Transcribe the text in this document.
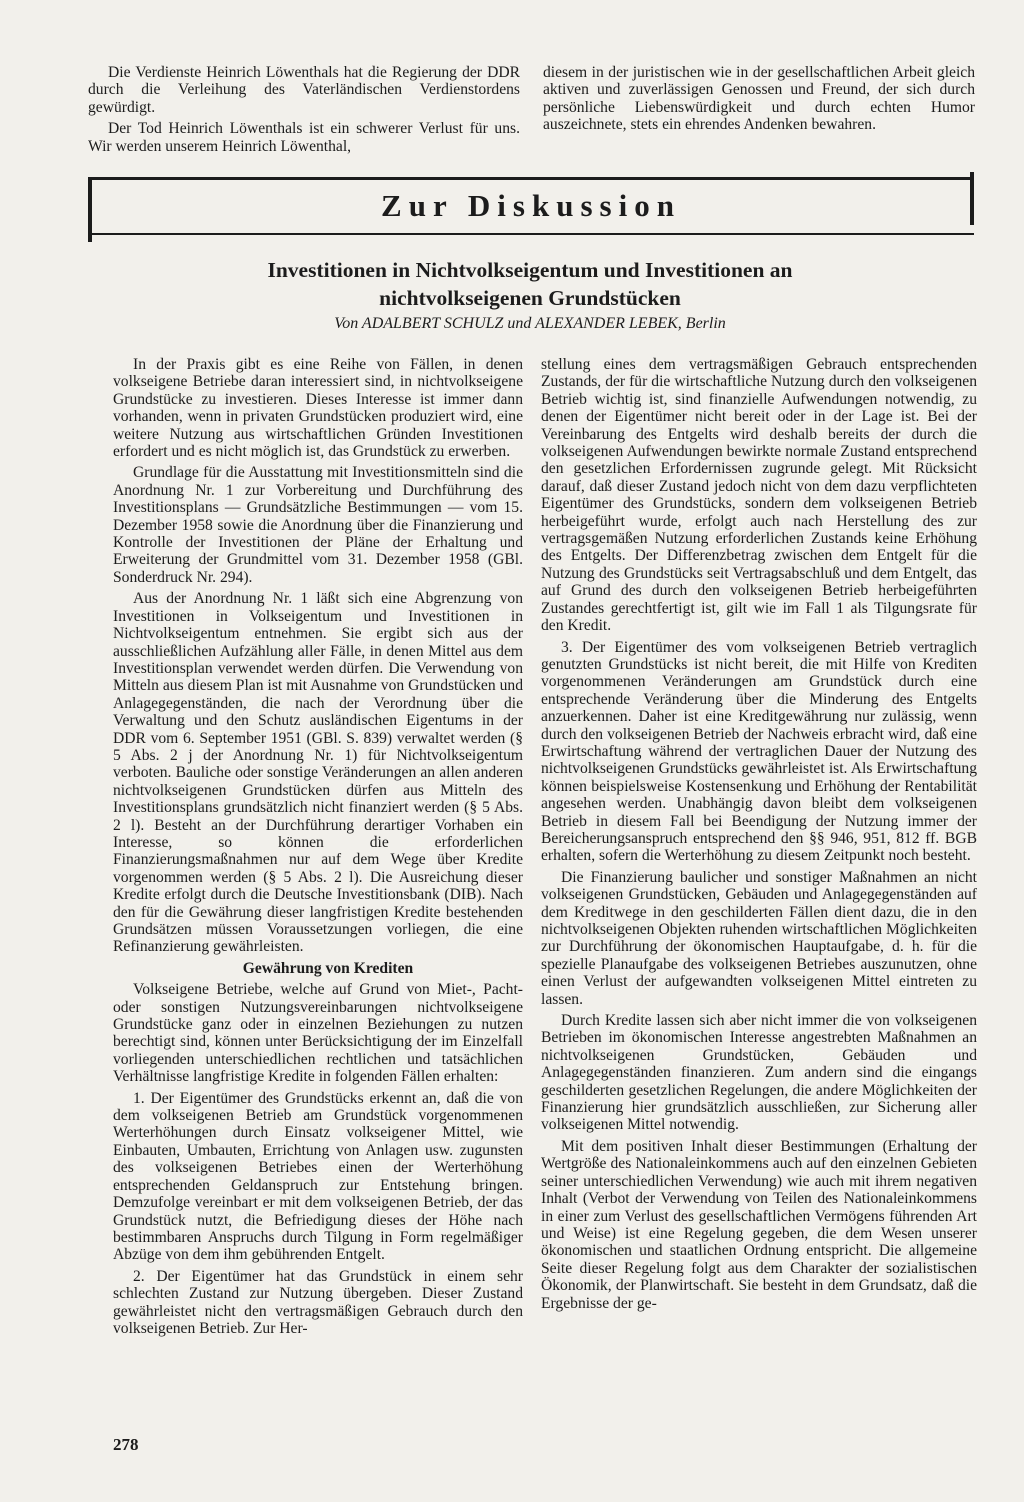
Die Verdienste Heinrich Löwenthals hat die Regierung der DDR durch die Verleihung des Vaterländischen Verdienstordens gewürdigt.

Der Tod Heinrich Löwenthals ist ein schwerer Verlust für uns. Wir werden unserem Heinrich Löwenthal,

diesem in der juristischen wie in der gesellschaftlichen Arbeit gleich aktiven und zuverlässigen Genossen und Freund, der sich durch persönliche Liebenswürdigkeit und durch echten Humor auszeichnete, stets ein ehrendes Andenken bewahren.

Zur Diskussion
Investitionen in Nichtvolkseigentum und Investitionen an
nichtvolkseigenen Grundstücken
Von ADALBERT SCHULZ und ALEXANDER LEBEK, Berlin

In der Praxis gibt es eine Reihe von Fällen, in denen volkseigene Betriebe daran interessiert sind, in nichtvolkseigene Grundstücke zu investieren. Dieses Interesse ist immer dann vorhanden, wenn in privaten Grundstücken produziert wird, eine weitere Nutzung aus wirtschaftlichen Gründen Investitionen erfordert und es nicht möglich ist, das Grundstück zu erwerben.

Grundlage für die Ausstattung mit Investitionsmitteln sind die Anordnung Nr. 1 zur Vorbereitung und Durchführung des Investitionsplans — Grundsätzliche Bestimmungen — vom 15. Dezember 1958 sowie die Anordnung über die Finanzierung und Kontrolle der Investitionen der Pläne der Erhaltung und Erweiterung der Grundmittel vom 31. Dezember 1958 (GBl. Sonderdruck Nr. 294).

Aus der Anordnung Nr. 1 läßt sich eine Abgrenzung von Investitionen in Volkseigentum und Investitionen in Nichtvolkseigentum entnehmen. Sie ergibt sich aus der ausschließlichen Aufzählung aller Fälle, in denen Mittel aus dem Investitionsplan verwendet werden dürfen. Die Verwendung von Mitteln aus diesem Plan ist mit Ausnahme von Grundstücken und Anlagegegenständen, die nach der Verordnung über die Verwaltung und den Schutz ausländischen Eigentums in der DDR vom 6. September 1951 (GBl. S. 839) verwaltet werden (§ 5 Abs. 2 j der Anordnung Nr. 1) für Nichtvolkseigentum verboten. Bauliche oder sonstige Veränderungen an allen anderen nichtvolkseigenen Grundstücken dürfen aus Mitteln des Investitionsplans grundsätzlich nicht finanziert werden (§ 5 Abs. 2 l). Besteht an der Durchführung derartiger Vorhaben ein Interesse, so können die erforderlichen Finanzierungsmaßnahmen nur auf dem Wege über Kredite vorgenommen werden (§ 5 Abs. 2 l). Die Ausreichung dieser Kredite erfolgt durch die Deutsche Investitionsbank (DIB). Nach den für die Gewährung dieser langfristigen Kredite bestehenden Grundsätzen müssen Voraussetzungen vorliegen, die eine Refinanzierung gewährleisten.

Gewährung von Krediten

Volkseigene Betriebe, welche auf Grund von Miet-, Pacht- oder sonstigen Nutzungsvereinbarungen nichtvolkseigene Grundstücke ganz oder in einzelnen Beziehungen zu nutzen berechtigt sind, können unter Berücksichtigung der im Einzelfall vorliegenden unterschiedlichen rechtlichen und tatsächlichen Verhältnisse langfristige Kredite in folgenden Fällen erhalten:

1. Der Eigentümer des Grundstücks erkennt an, daß die von dem volkseigenen Betrieb am Grundstück vorgenommenen Werterhöhungen durch Einsatz volkseigener Mittel, wie Einbauten, Umbauten, Errichtung von Anlagen usw. zugunsten des volkseigenen Betriebes einen der Werterhöhung entsprechenden Geldanspruch zur Entstehung bringen. Demzufolge vereinbart er mit dem volkseigenen Betrieb, der das Grundstück nutzt, die Befriedigung dieses der Höhe nach bestimmbaren Anspruchs durch Tilgung in Form regelmäßiger Abzüge von dem ihm gebührenden Entgelt.

2. Der Eigentümer hat das Grundstück in einem sehr schlechten Zustand zur Nutzung übergeben. Dieser Zustand gewährleistet nicht den vertragsmäßigen Gebrauch durch den volkseigenen Betrieb. Zur Her-

stellung eines dem vertragsmäßigen Gebrauch entsprechenden Zustands, der für die wirtschaftliche Nutzung durch den volkseigenen Betrieb wichtig ist, sind finanzielle Aufwendungen notwendig, zu denen der Eigentümer nicht bereit oder in der Lage ist. Bei der Vereinbarung des Entgelts wird deshalb bereits der durch die volkseigenen Aufwendungen bewirkte normale Zustand entsprechend den gesetzlichen Erfordernissen zugrunde gelegt. Mit Rücksicht darauf, daß dieser Zustand jedoch nicht von dem dazu verpflichteten Eigentümer des Grundstücks, sondern dem volkseigenen Betrieb herbeigeführt wurde, erfolgt auch nach Herstellung des zur vertragsgemäßen Nutzung erforderlichen Zustands keine Erhöhung des Entgelts. Der Differenzbetrag zwischen dem Entgelt für die Nutzung des Grundstücks seit Vertragsabschluß und dem Entgelt, das auf Grund des durch den volkseigenen Betrieb herbeigeführten Zustandes gerechtfertigt ist, gilt wie im Fall 1 als Tilgungsrate für den Kredit.

3. Der Eigentümer des vom volkseigenen Betrieb vertraglich genutzten Grundstücks ist nicht bereit, die mit Hilfe von Krediten vorgenommenen Veränderungen am Grundstück durch eine entsprechende Veränderung über die Minderung des Entgelts anzuerkennen. Daher ist eine Kreditgewährung nur zulässig, wenn durch den volkseigenen Betrieb der Nachweis erbracht wird, daß eine Erwirtschaftung während der vertraglichen Dauer der Nutzung des nichtvolkseigenen Grundstücks gewährleistet ist. Als Erwirtschaftung können beispielsweise Kostensenkung und Erhöhung der Rentabilität angesehen werden. Unabhängig davon bleibt dem volkseigenen Betrieb in diesem Fall bei Beendigung der Nutzung immer der Bereicherungsanspruch entsprechend den §§ 946, 951, 812 ff. BGB erhalten, sofern die Werterhöhung zu diesem Zeitpunkt noch besteht.

Die Finanzierung baulicher und sonstiger Maßnahmen an nicht volkseigenen Grundstücken, Gebäuden und Anlagegegenständen auf dem Kreditwege in den geschilderten Fällen dient dazu, die in den nichtvolkseigenen Objekten ruhenden wirtschaftlichen Möglichkeiten zur Durchführung der ökonomischen Hauptaufgabe, d. h. für die spezielle Planaufgabe des volkseigenen Betriebes auszunutzen, ohne einen Verlust der aufgewandten volkseigenen Mittel eintreten zu lassen.

Durch Kredite lassen sich aber nicht immer die von volkseigenen Betrieben im ökonomischen Interesse angestrebten Maßnahmen an nichtvolkseigenen Grundstücken, Gebäuden und Anlagegegenständen finanzieren. Zum andern sind die eingangs geschilderten gesetzlichen Regelungen, die andere Möglichkeiten der Finanzierung hier grundsätzlich ausschließen, zur Sicherung aller volkseigenen Mittel notwendig.

Mit dem positiven Inhalt dieser Bestimmungen (Erhaltung der Wertgröße des Nationaleinkommens auch auf den einzelnen Gebieten seiner unterschiedlichen Verwendung) wie auch mit ihrem negativen Inhalt (Verbot der Verwendung von Teilen des Nationaleinkommens in einer zum Verlust des gesellschaftlichen Vermögens führenden Art und Weise) ist eine Regelung gegeben, die dem Wesen unserer ökonomischen und staatlichen Ordnung entspricht. Die allgemeine Seite dieser Regelung folgt aus dem Charakter der sozialistischen Ökonomik, der Planwirtschaft. Sie besteht in dem Grundsatz, daß die Ergebnisse der ge-

278
